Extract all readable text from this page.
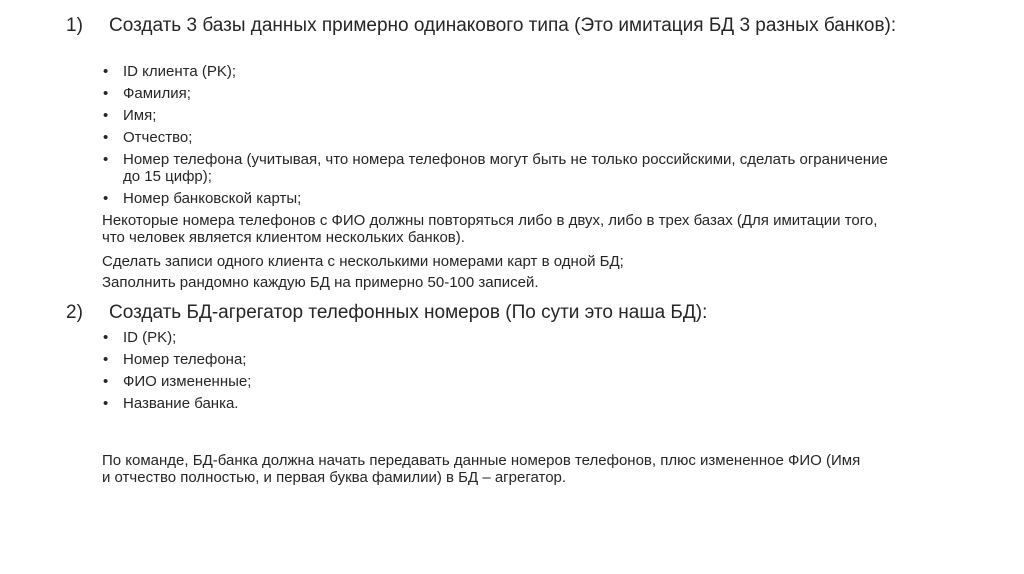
1) Создать 3 базы данных примерно одинакового типа (Это имитация БД 3 разных банков):
• ID клиента (PK);
• Фамилия;
• Имя;
• Отчество;
• Номер телефона (учитывая, что номера телефонов могут быть не только российскими, сделать ограничение до 15 цифр);
• Номер банковской карты;
Некоторые номера телефонов с ФИО должны повторяться либо в двух, либо в трех базах (Для имитации того, что человек является клиентом нескольких банков).
Сделать записи одного клиента с несколькими номерами карт в одной БД;
Заполнить рандомно каждую БД на примерно 50-100 записей.
2) Создать БД-агрегатор телефонных номеров (По сути это наша БД):
• ID (PK);
• Номер телефона;
• ФИО измененные;
• Название банка.
По команде, БД-банка должна начать передавать данные номеров телефонов, плюс измененное ФИО (Имя и отчество полностью, и первая буква фамилии) в БД – агрегатор.
